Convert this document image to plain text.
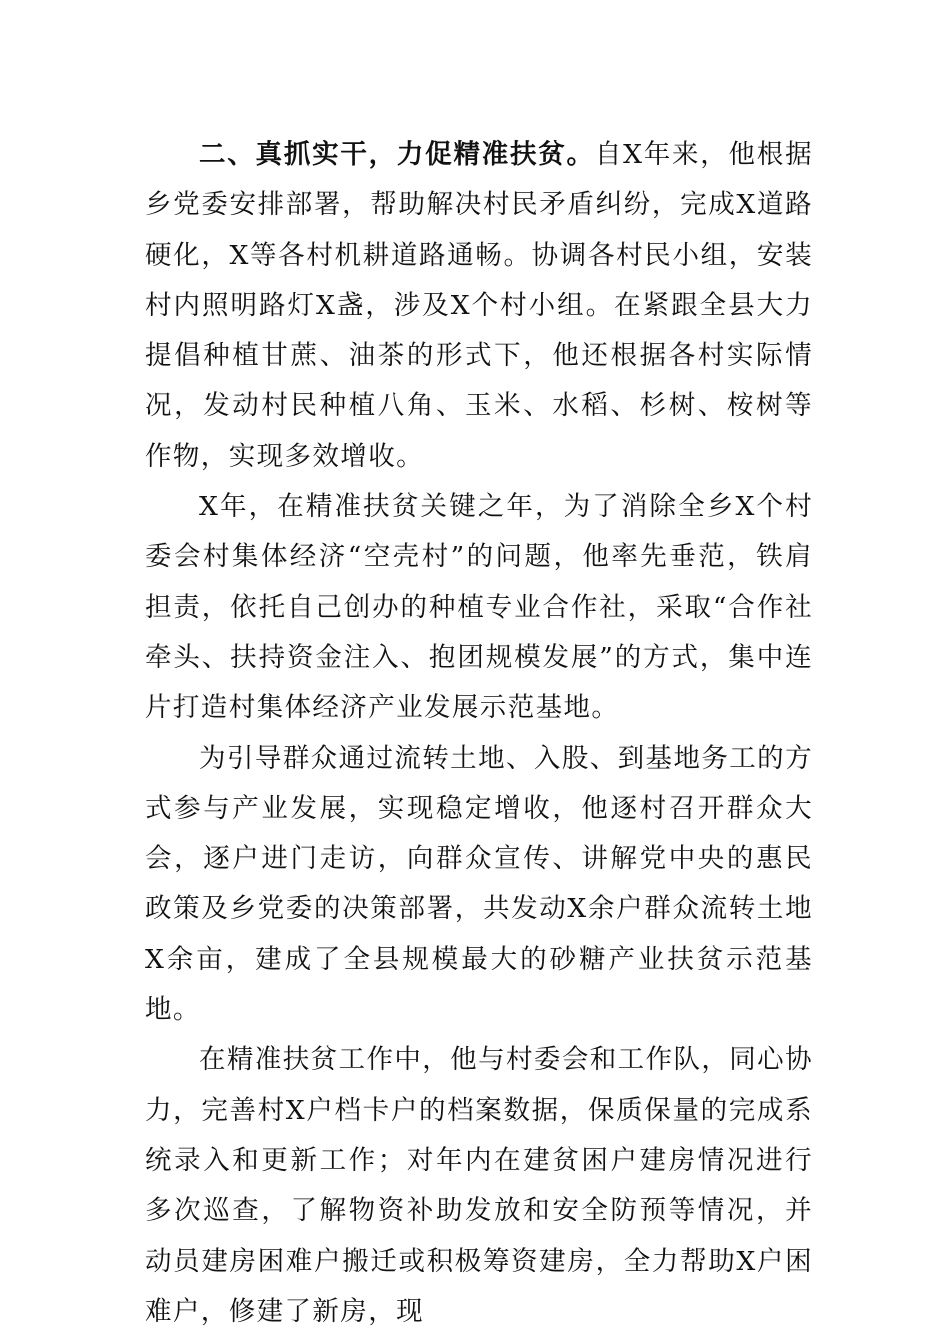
二、真抓实干，力促精准扶贫。自X年来，他根据乡党委安排部署，帮助解决村民矛盾纠纷，完成X道路硬化，X等各村机耕道路通畅。协调各村民小组，安装村内照明路灯X盏，涉及X个村小组。在紧跟全县大力提倡种植甘蔗、油茶的形式下，他还根据各村实际情况，发动村民种植八角、玉米、水稻、杉树、桉树等作物，实现多效增收。

X年，在精准扶贫关键之年，为了消除全乡X个村委会村集体经济“空壳村”的问题，他率先垂范，铁肩担责，依托自己创办的种植专业合作社，采取“合作社牵头、扶持资金注入、抱团规模发展”的方式，集中连片打造村集体经济产业发展示范基地。

为引导群众通过流转土地、入股、到基地务工的方式参与产业发展，实现稳定增收，他逐村召开群众大会，逐户进门走访，向群众宣传、讲解党中央的惠民政策及乡党委的决策部署，共发动X余户群众流转土地X余亩，建成了全县规模最大的砂糖产业扶贫示范基地。

在精准扶贫工作中，他与村委会和工作队，同心协力，完善村X户档卡户的档案数据，保质保量的完成系统录入和更新工作；对年内在建贫困户建房情况进行多次巡查，了解物资补助发放和安全防预等情况，并动员建房困难户搬迁或积极筹资建房，全力帮助X户困难户，修建了新房，现
